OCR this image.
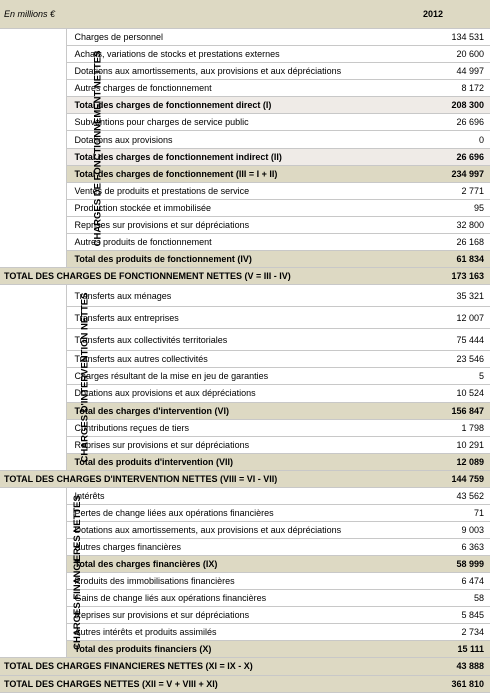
En millions €		2012
CHARGES DE FONCTIONNEMENT NETTES	Charges de personnel	134 531
	Achats, variations de stocks et prestations externes	20 600
	Dotations aux amortissements, aux provisions et aux dépréciations	44 997
	Autres charges de fonctionnement	8 172
	Total des charges de fonctionnement direct (I)	208 300
	Subventions pour charges de service public	26 696
	Dotations aux provisions	0
	Total des charges de fonctionnement indirect (II)	26 696
	Total des charges de fonctionnement (III = I + II)	234 997
	Ventes de produits et prestations de service	2 771
	Production stockée et immobilisée	95
	Reprises sur provisions et sur dépréciations	32 800
	Autres produits de fonctionnement	26 168
	Total des produits de fonctionnement (IV)	61 834
TOTAL DES CHARGES DE FONCTIONNEMENT NETTES (V = III - IV)		173 163
CHARGES D'INTERVENTION NETTES	Transferts aux ménages	35 321
	Transferts aux entreprises	12 007
	Transferts aux collectivités territoriales	75 444
	Transferts aux autres collectivités	23 546
	Charges résultant de la mise en jeu de garanties	5
	Dotations aux provisions et aux dépréciations	10 524
	Total des charges d'intervention (VI)	156 847
	Contributions reçues de tiers	1 798
	Reprises sur provisions et sur dépréciations	10 291
	Total des produits d'intervention (VII)	12 089
TOTAL DES CHARGES D'INTERVENTION NETTES (VIII = VI - VII)		144 759
CHARGES FINANCIERES NETTES	Intérêts	43 562
	Pertes de change liées aux opérations financières	71
	Dotations aux amortissements, aux provisions et aux dépréciations	9 003
	Autres charges financières	6 363
	Total des charges financières (IX)	58 999
	Produits des immobilisations financières	6 474
	Gains de change liés aux opérations financières	58
	Reprises sur provisions et sur dépréciations	5 845
	Autres intérêts et produits assimilés	2 734
	Total des produits financiers (X)	15 111
TOTAL DES CHARGES FINANCIERES NETTES (XI = IX - X)		43 888
TOTAL DES CHARGES NETTES (XII = V + VIII + XI)		361 810
